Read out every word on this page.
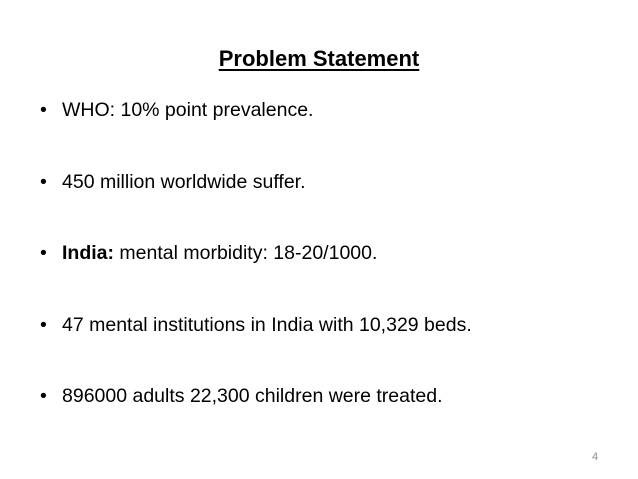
Problem Statement
• WHO: 10% point prevalence.
• 450 million worldwide suffer.
• India: mental morbidity: 18-20/1000.
• 47 mental institutions in India with 10,329 beds.
• 896000 adults 22,300 children were treated.
4
